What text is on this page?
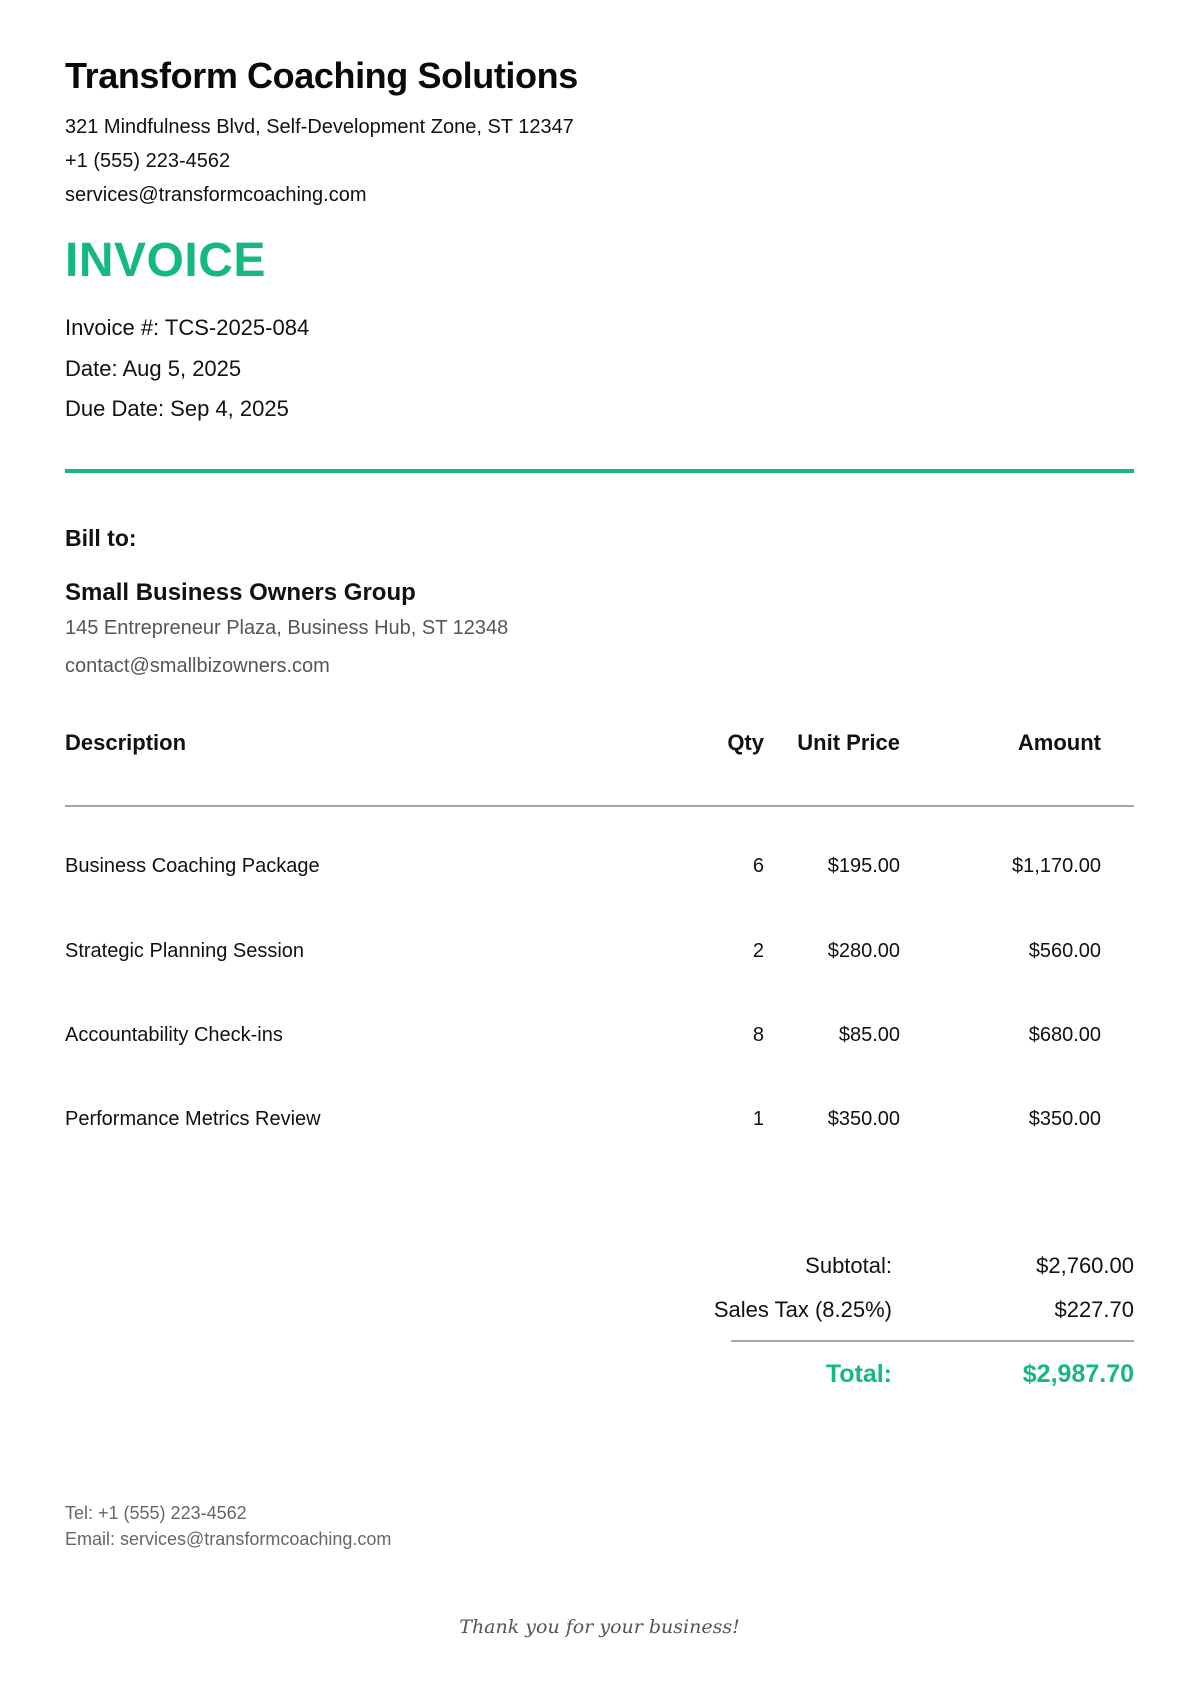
Transform Coaching Solutions
321 Mindfulness Blvd, Self-Development Zone, ST 12347
+1 (555) 223-4562
services@transformcoaching.com
INVOICE
Invoice #: TCS-2025-084
Date: Aug 5, 2025
Due Date: Sep 4, 2025
Bill to:
Small Business Owners Group
145 Entrepreneur Plaza, Business Hub, ST 12348
contact@smallbizowners.com
Description	Qty Unit Price	Amount
Business Coaching Package	6	$195.00	$1,170.00
Strategic Planning Session	2	$280.00	$560.00
Accountability Check-ins	8	$85.00	$680.00
Performance Metrics Review	1	$350.00	$350.00
Subtotal:	$2,760.00
Sales Tax (8.25%)	$227.70
Total:	$2,987.70
Tel: +1 (555) 223-4562
Email: services@transformcoaching.com
Thank you for your business!
